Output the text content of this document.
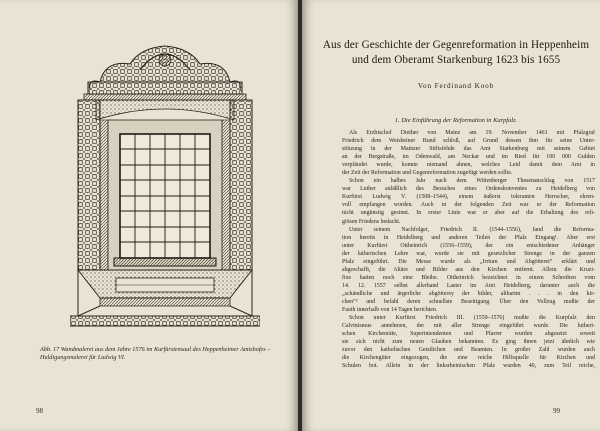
Abb. 17 Wandmalerei aus dem Jahre 1576 im Kurfürstensaal des Heppenheimer Amtshofes – Huldigungsmalerei für Ludwig VI.
98
Aus der Geschichte der Gegenreformation in Heppenheim
und dem Oberamt Starkenburg 1623 bis 1655
Von Ferdinand Koob
1. Die Einführung der Reformation in Kurpfalz.
Als Erzbischof Diether von Mainz am 19. November 1461 mit Pfalzgraf
Friedrich dem Weisbeiner Bund schloß, auf Grund dessen ihm für seine Unter-
stützung in der Mainzer Stiftsfehde das Amt Starkenburg mit seinem Gebiet
an der Bergstraße, im Odenwald, am Neckar und im Ried für 100 000 Gulden
verpfändet wurde, konnte niemand ahnen, welches Leid damit dem Amt in
der Zeit der Reformation und Gegenreformation zugefügt werden sollte.
Schon ein halbes Jahr nach dem Wittenberger Thesenanschlag von 1517
war Luther anläßlich des Besuches eines Ordenskonventes zu Heidelberg von
Kurfürst Ludwig V. (1508–1544), einem äußerst toleranten Herrscher, ehren-
voll empfangen worden. Auch in der folgenden Zeit war er der Reformation
nicht ungünstig gesinnt. In erster Linie war er aber auf die Erhaltung des reli-
giösen Friedens bedacht.
Unter seinem Nachfolger, Friedrich II. (1544–1556), fand die Reforma-
tion bereits in Heidelberg und anderen Teilen der Pfalz Eingang¹. Aber erst
unter Kurfürst Ottheinrich (1556–1559), der ein entschiedener Anhänger
der lutherischen Lehre war, wurde sie mit gesetzlicher Strenge in der ganzen
Pfalz eingeführt. Die Messe wurde als „Irrtum und Abgötterei“ erklärt und
abgeschafft, die Altäre und Bilder aus den Kirchen entfernt. Allein die Kruzi-
fixe hatten noch eine Bleibe. Ottheinrich bezeichnet in einem Schreiben vom
14. 12. 1557 selbst allerhand Laster im Amt Heidelberg, darunter auch die
„schändliche und ärgerliche abgötterey der bilder, altharim . . . in den kir-
chen“² und befahl deren schnellste Beseitigung. Über den Vollzug mußte der
Fauth innerhalb von 14 Tagen berichten.
Schon unter Kurfürst Friedrich III. (1559–1576) mußte die Kurpfalz den
Calvinismus annehmen, der mit aller Strenge eingeführt wurde. Die lutheri-
schen Kirchenräte, Superintendenten und Pfarrer wurden abgesetzt soweit
sie sich nicht zum neuen Glauben bekannten. Es ging ihnen jetzt ähnlich wie
zuvor den katholischen Geistlichen und Beamten. In großer Zahl wurden auch
die Kirchengüter eingezogen, die eine reiche Hilfsquelle für Kirchen und
Schulen bot. Allein in der linksrheinischen Pfalz wurden 40, zum Teil reiche,
99
